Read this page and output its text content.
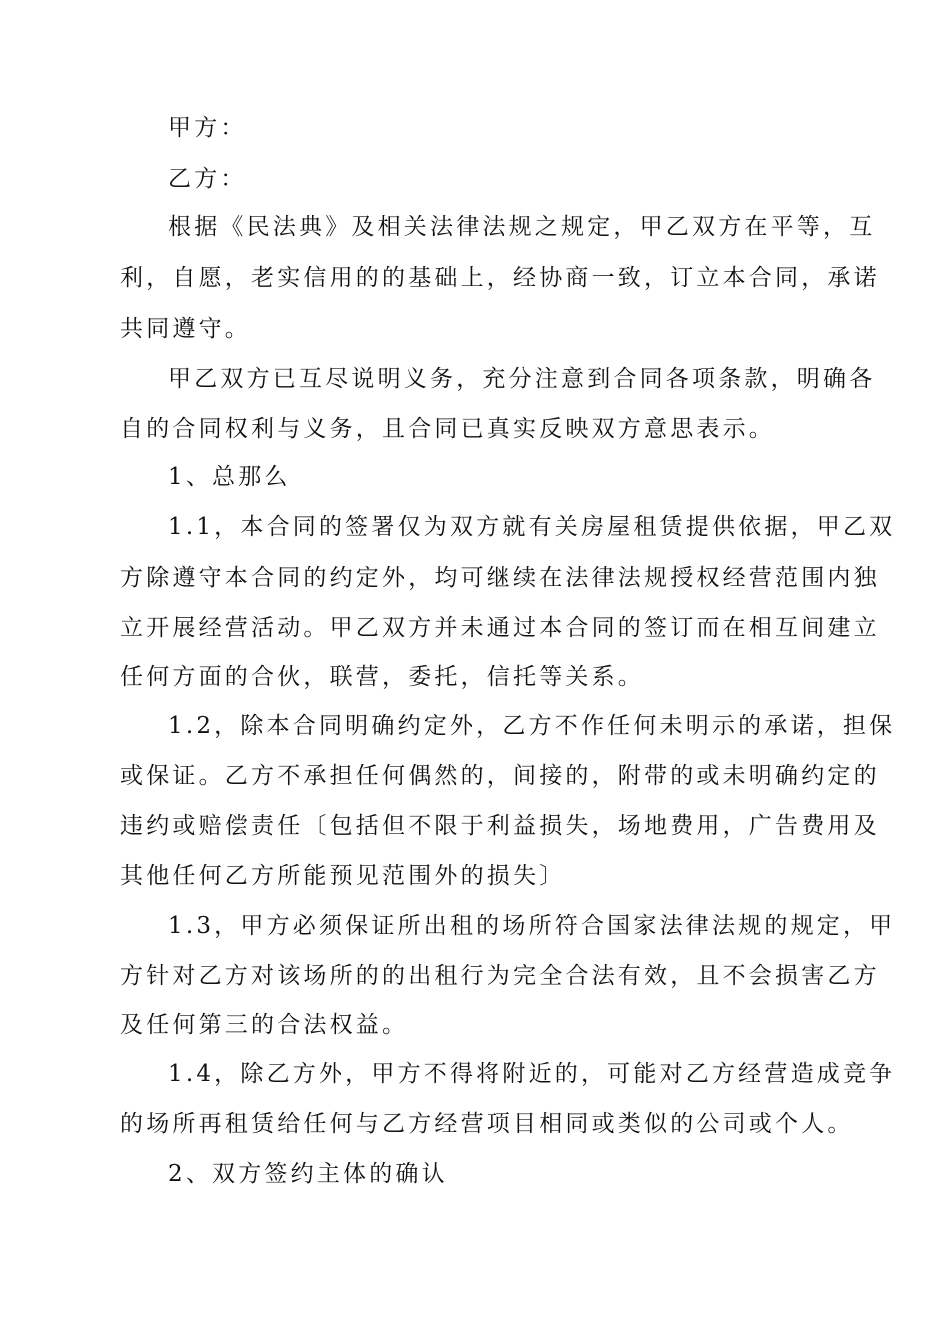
甲方：
乙方：
根据《民法典》及相关法律法规之规定，甲乙双方在平等，互
利，自愿，老实信用的的基础上，经协商一致，订立本合同，承诺
共同遵守。
甲乙双方已互尽说明义务，充分注意到合同各项条款，明确各
自的合同权利与义务，且合同已真实反映双方意思表示。
1、总那么
1.1，本合同的签署仅为双方就有关房屋租赁提供依据，甲乙双
方除遵守本合同的约定外，均可继续在法律法规授权经营范围内独
立开展经营活动。甲乙双方并未通过本合同的签订而在相互间建立
任何方面的合伙，联营，委托，信托等关系。
1.2，除本合同明确约定外，乙方不作任何未明示的承诺，担保
或保证。乙方不承担任何偶然的，间接的，附带的或未明确约定的
违约或赔偿责任〔包括但不限于利益损失，场地费用，广告费用及
其他任何乙方所能预见范围外的损失〕
1.3，甲方必须保证所出租的场所符合国家法律法规的规定，甲
方针对乙方对该场所的的出租行为完全合法有效，且不会损害乙方
及任何第三的合法权益。
1.4，除乙方外，甲方不得将附近的，可能对乙方经营造成竞争
的场所再租赁给任何与乙方经营项目相同或类似的公司或个人。
2、双方签约主体的确认
